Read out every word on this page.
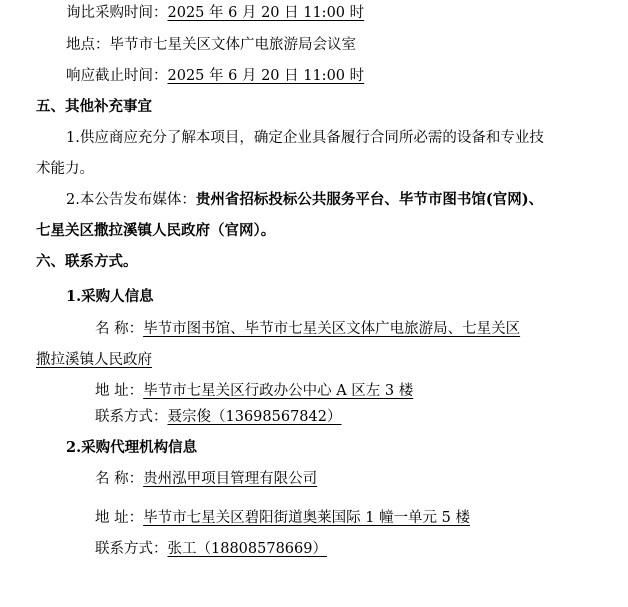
询比采购时间：2025 年 6 月 20 日 11:00 时
地点：毕节市七星关区文体广电旅游局会议室
响应截止时间：2025 年 6 月 20 日 11:00 时
五、其他补充事宜
1.供应商应充分了解本项目，确定企业具备履行合同所必需的设备和专业技
术能力。
2.本公告发布媒体：贵州省招标投标公共服务平台、毕节市图书馆(官网)、
七星关区撒拉溪镇人民政府（官网）。
六、联系方式。
1.采购人信息
名 称：毕节市图书馆、毕节市七星关区文体广电旅游局、七星关区
撒拉溪镇人民政府
地 址：毕节市七星关区行政办公中心 A 区左 3 楼
联系方式：聂宗俊（13698567842）
2.采购代理机构信息
名 称：贵州泓甲项目管理有限公司
地 址：毕节市七星关区碧阳街道奥莱国际 1 幢一单元 5 楼
联系方式：张工（18808578669）
